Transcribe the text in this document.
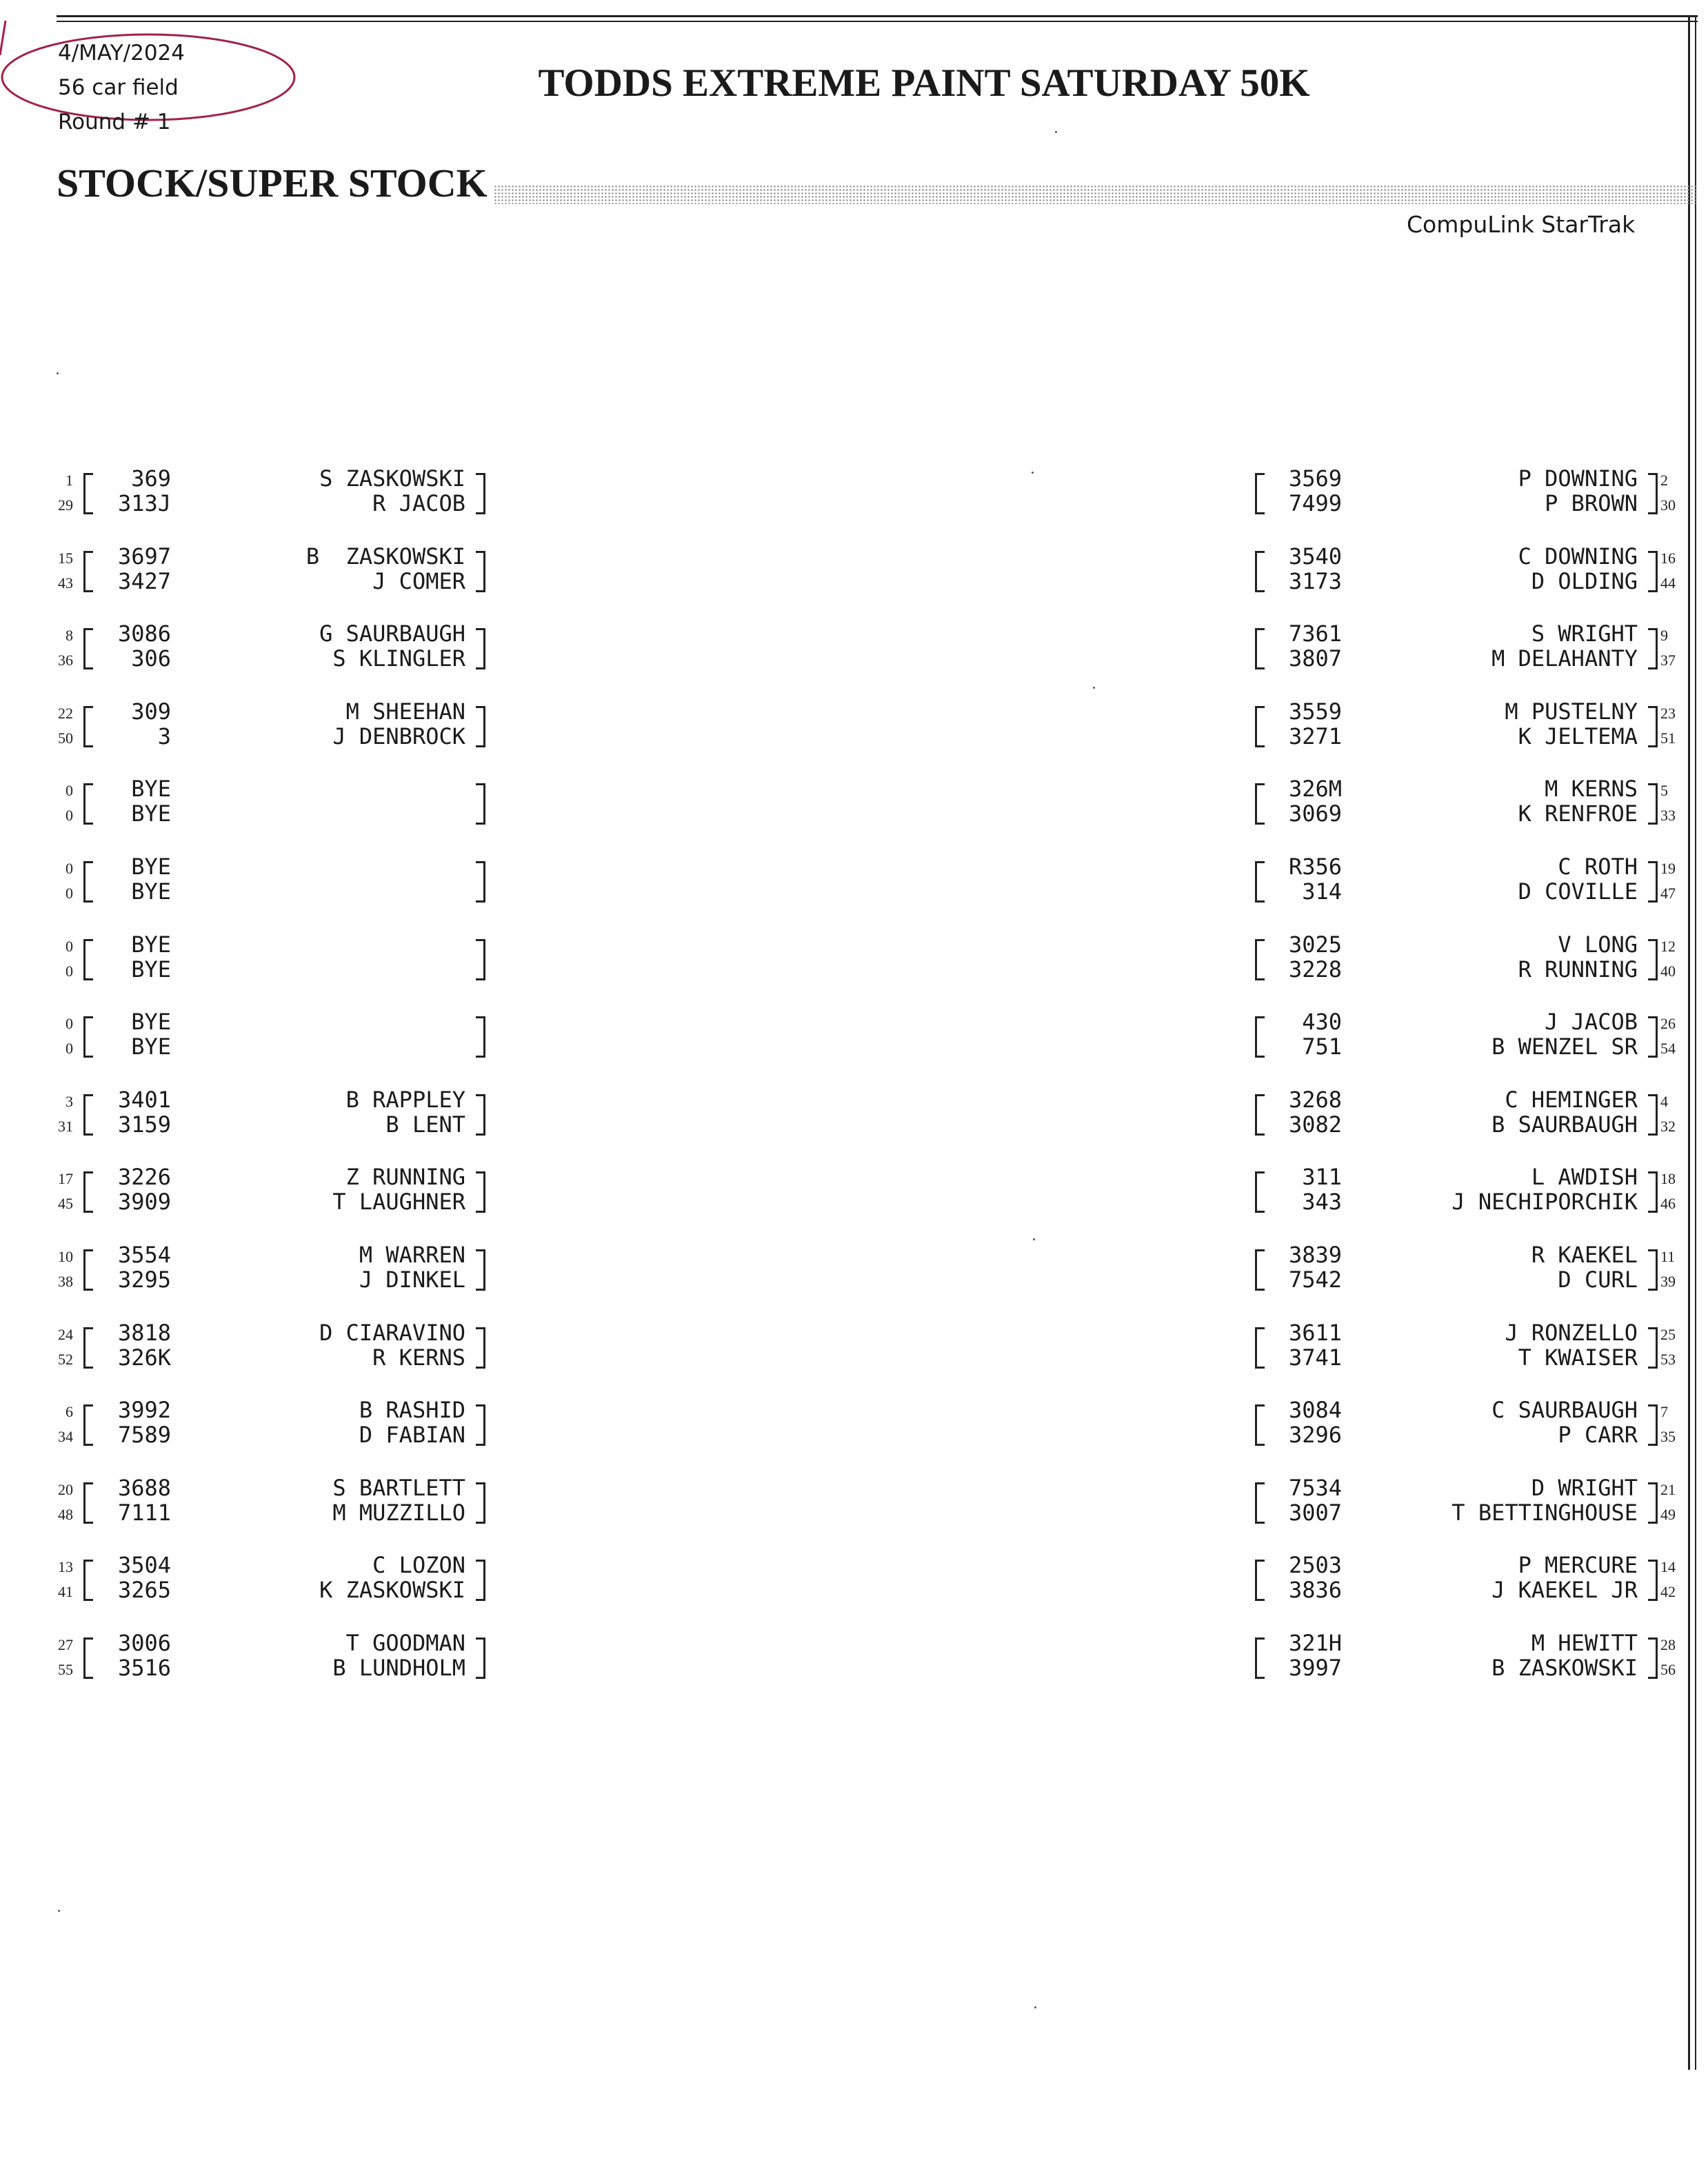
4/MAY/2024
56 car field
Round # 1
TODDS EXTREME PAINT SATURDAY 50K
STOCK/SUPER STOCK
CompuLink StarTrak
1
29
369
313J
S ZASKOWSKI
R JACOB
3569
7499
P DOWNING
P BROWN
2
30
15
43
3697
3427
B  ZASKOWSKI
J COMER
3540
3173
C DOWNING
D OLDING
16
44
8
36
3086
306
G SAURBAUGH
S KLINGLER
7361
3807
S WRIGHT
M DELAHANTY
9
37
22
50
309
3
M SHEEHAN
J DENBROCK
3559
3271
M PUSTELNY
K JELTEMA
23
51
0
0
BYE
BYE
326M
3069
M KERNS
K RENFROE
5
33
0
0
BYE
BYE
R356
314
C ROTH
D COVILLE
19
47
0
0
BYE
BYE
3025
3228
V LONG
R RUNNING
12
40
0
0
BYE
BYE
430
751
J JACOB
B WENZEL SR
26
54
3
31
3401
3159
B RAPPLEY
B LENT
3268
3082
C HEMINGER
B SAURBAUGH
4
32
17
45
3226
3909
Z RUNNING
T LAUGHNER
311
343
L AWDISH
J NECHIPORCHIK
18
46
10
38
3554
3295
M WARREN
J DINKEL
3839
7542
R KAEKEL
D CURL
11
39
24
52
3818
326K
D CIARAVINO
R KERNS
3611
3741
J RONZELLO
T KWAISER
25
53
6
34
3992
7589
B RASHID
D FABIAN
3084
3296
C SAURBAUGH
P CARR
7
35
20
48
3688
7111
S BARTLETT
M MUZZILLO
7534
3007
D WRIGHT
T BETTINGHOUSE
21
49
13
41
3504
3265
C LOZON
K ZASKOWSKI
2503
3836
P MERCURE
J KAEKEL JR
14
42
27
55
3006
3516
T GOODMAN
B LUNDHOLM
321H
3997
M HEWITT
B ZASKOWSKI
28
56
